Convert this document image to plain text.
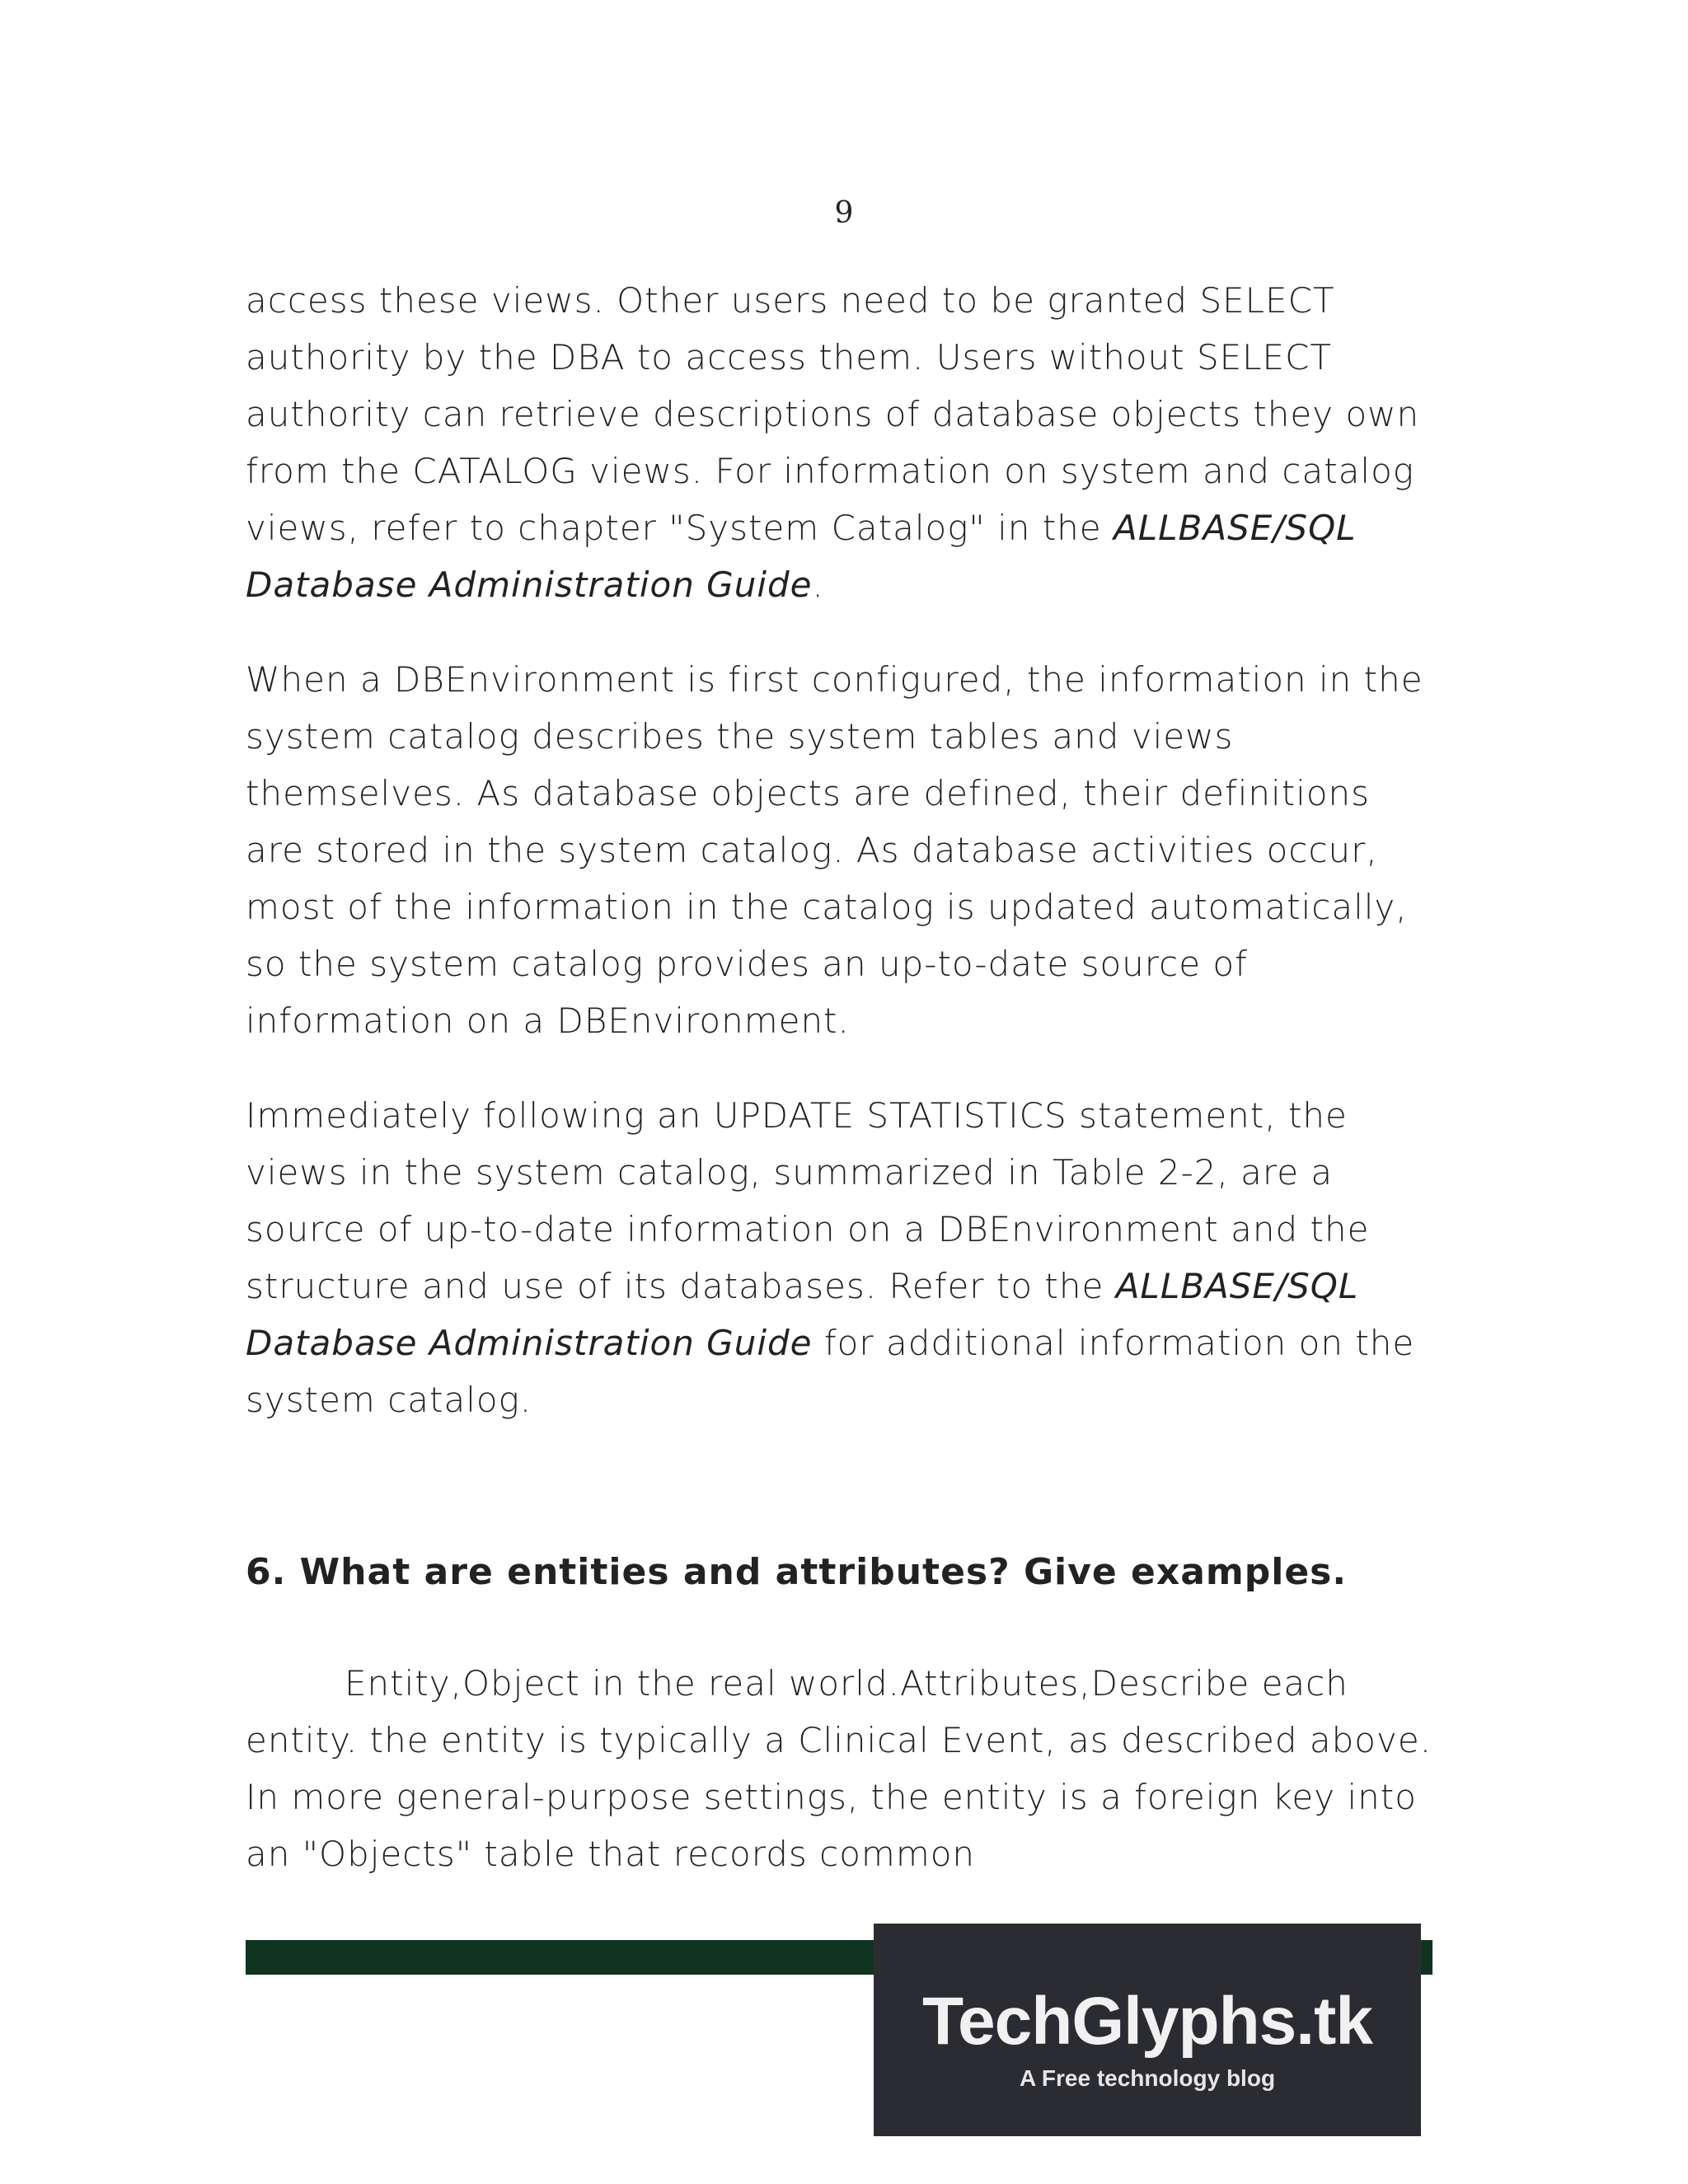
9

access these views. Other users need to be granted SELECT authority by the DBA to access them. Users without SELECT authority can retrieve descriptions of database objects they own from the CATALOG views. For information on system and catalog views, refer to chapter "System Catalog" in the ALLBASE/SQL Database Administration Guide.

When a DBEnvironment is first configured, the information in the system catalog describes the system tables and views themselves. As database objects are defined, their definitions are stored in the system catalog. As database activities occur, most of the information in the catalog is updated automatically, so the system catalog provides an up-to-date source of information on a DBEnvironment.

Immediately following an UPDATE STATISTICS statement, the views in the system catalog, summarized in Table 2-2, are a source of up-to-date information on a DBEnvironment and the structure and use of its databases. Refer to the ALLBASE/SQL Database Administration Guide for additional information on the system catalog.

6. What are entities and attributes? Give examples.

Entity,Object in the real world.Attributes,Describe each entity. the entity is typically a Clinical Event, as described above. In more general-purpose settings, the entity is a foreign key into an "Objects" table that records common

TechGlyphs.tk
A Free technology blog
